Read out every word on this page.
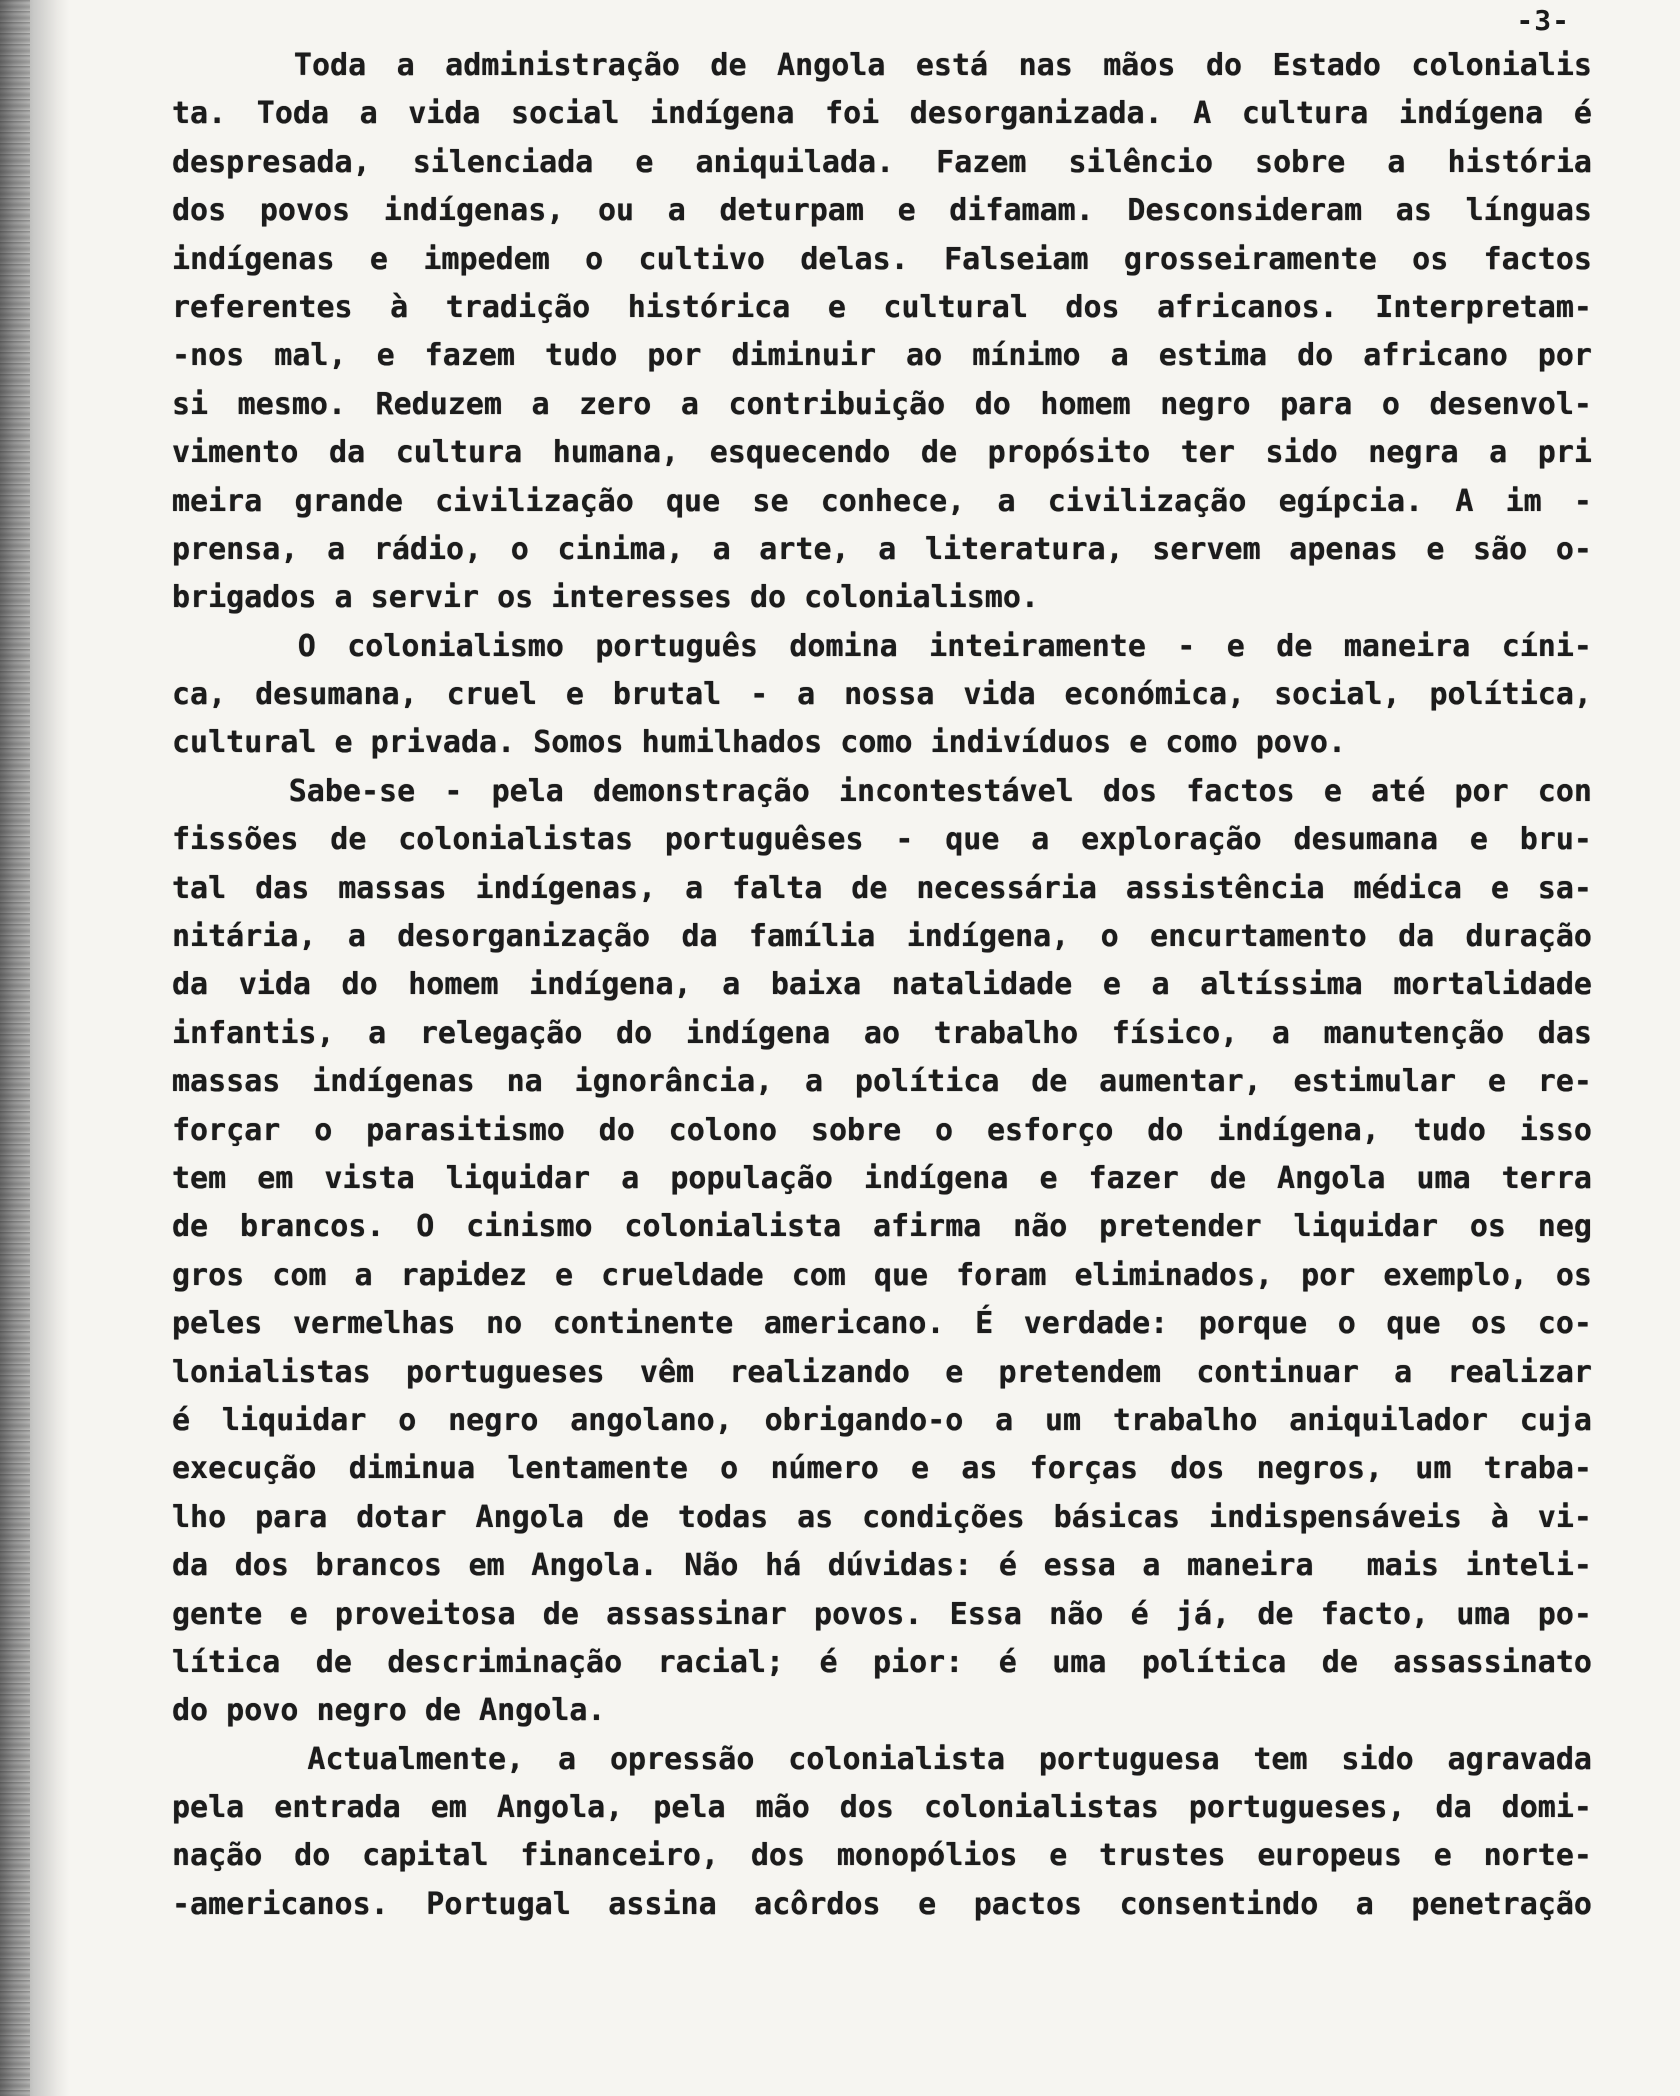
-3-
Toda a administração de Angola está nas mãos do Estado colonialis
ta. Toda a vida social indígena foi desorganizada. A cultura indígena é
despresada, silenciada e aniquilada. Fazem silêncio sobre a história
dos povos indígenas, ou a deturpam e difamam. Desconsideram as línguas
indígenas e impedem o cultivo delas. Falseiam grosseiramente os factos
referentes à tradição histórica e cultural dos africanos. Interpretam-
-nos mal, e fazem tudo por diminuir ao mínimo a estima do africano por
si mesmo. Reduzem a zero a contribuição do homem negro para o desenvol-
vimento da cultura humana, esquecendo de propósito ter sido negra a pri
meira grande civilização que se conhece, a civilização egípcia. A im -
prensa, a rádio, o cinima, a arte, a literatura, servem apenas e são o-
brigados a servir os interesses do colonialismo.
O colonialismo português domina inteiramente - e de maneira cíni-
ca, desumana, cruel e brutal - a nossa vida económica, social, política,
cultural e privada. Somos humilhados como indivíduos e como povo.
Sabe-se - pela demonstração incontestável dos factos e até por con
fissões de colonialistas portuguêses - que a exploração desumana e bru-
tal das massas indígenas, a falta de necessária assistência médica e sa-
nitária, a desorganização da família indígena, o encurtamento da duração
da vida do homem indígena, a baixa natalidade e a altíssima mortalidade
infantis, a relegação do indígena ao trabalho físico, a manutenção das
massas indígenas na ignorância, a política de aumentar, estimular e re-
forçar o parasitismo do colono sobre o esforço do indígena, tudo isso
tem em vista liquidar a população indígena e fazer de Angola uma terra
de brancos. O cinismo colonialista afirma não pretender liquidar os neg
gros com a rapidez e crueldade com que foram eliminados, por exemplo, os
peles vermelhas no continente americano. É verdade: porque o que os co-
lonialistas portugueses vêm realizando e pretendem continuar a realizar
é liquidar o negro angolano, obrigando-o a um trabalho aniquilador cuja
execução diminua lentamente o número e as forças dos negros, um traba-
lho para dotar Angola de todas as condições básicas indispensáveis à vi-
da dos brancos em Angola. Não há dúvidas: é essa a maneira  mais inteli-
gente e proveitosa de assassinar povos. Essa não é já, de facto, uma po-
lítica de descriminação racial; é pior: é uma política de assassinato
do povo negro de Angola.
Actualmente, a opressão colonialista portuguesa tem sido agravada
pela entrada em Angola, pela mão dos colonialistas portugueses, da domi-
nação do capital financeiro, dos monopólios e trustes europeus e norte-
-americanos. Portugal assina acôrdos e pactos consentindo a penetração
